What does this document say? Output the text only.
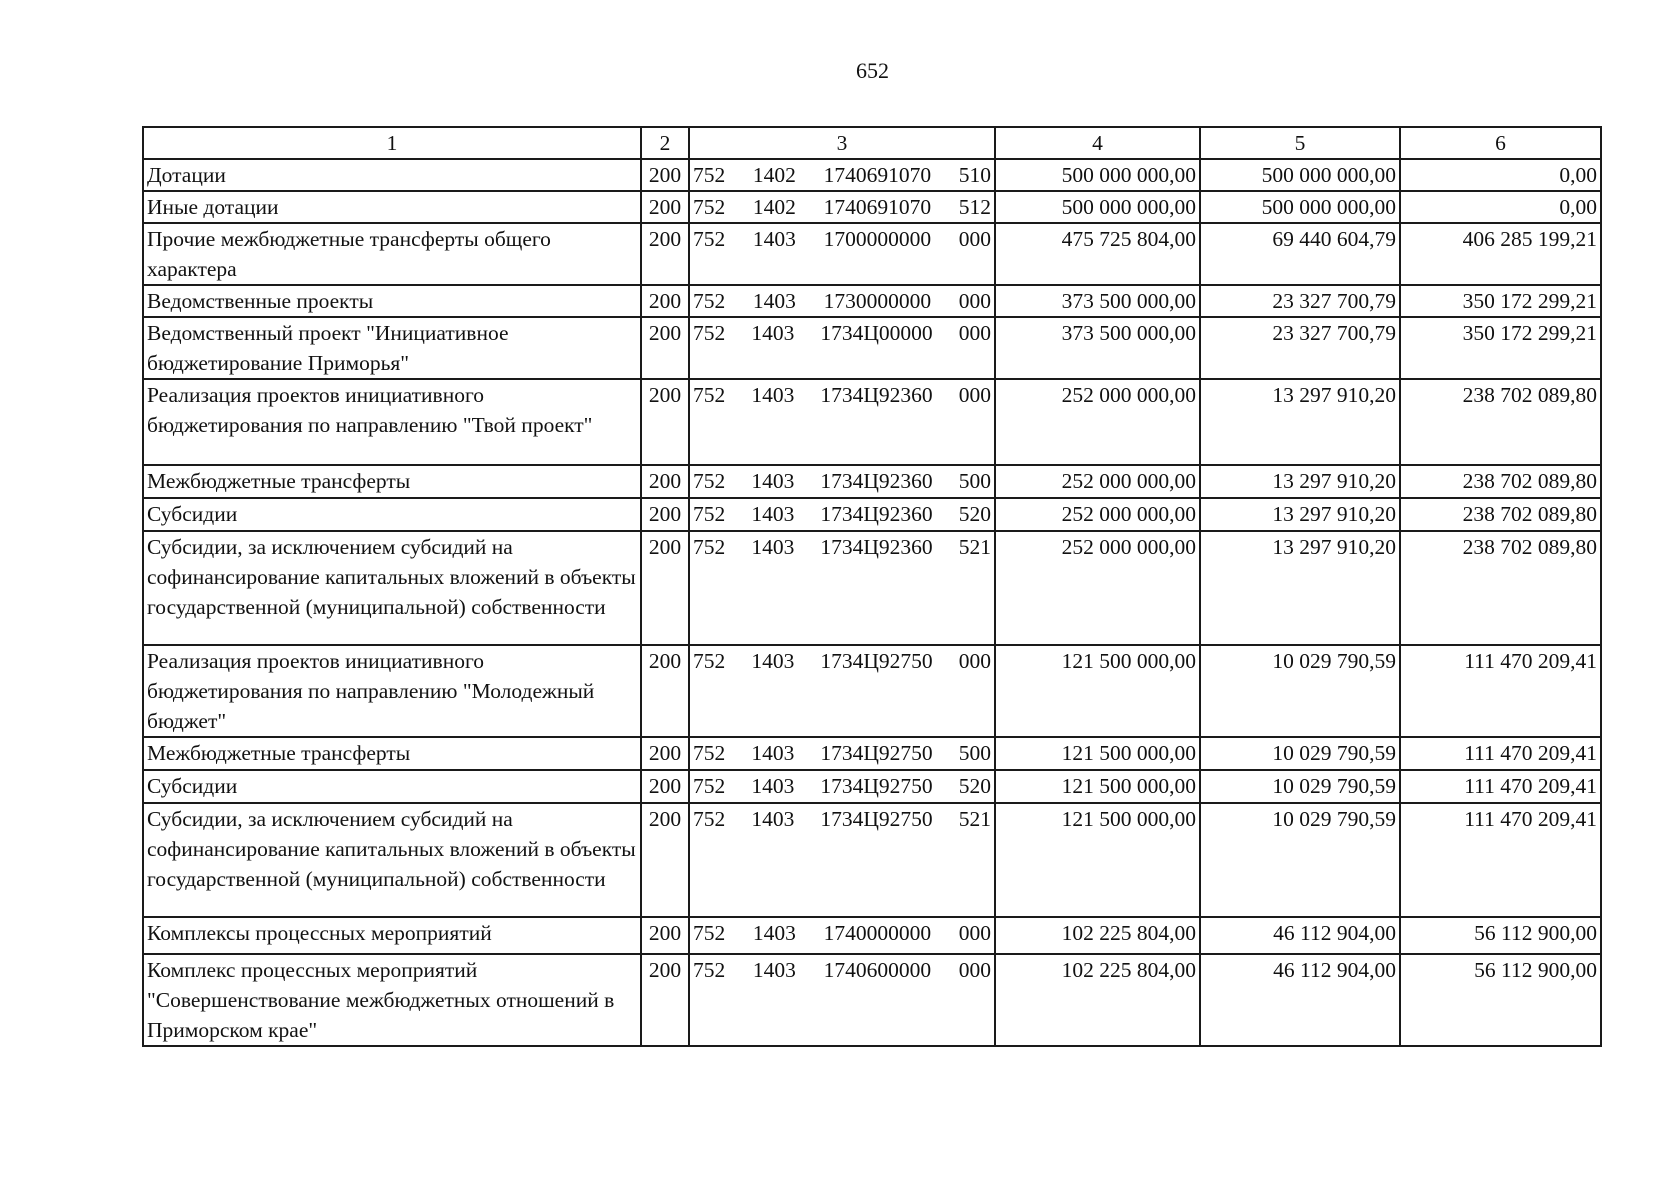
652
1	2	3	4	5	6
Дотации	200	752 1402 1740691070 510	500 000 000,00	500 000 000,00	0,00
Иные дотации	200	752 1402 1740691070 512	500 000 000,00	500 000 000,00	0,00
Прочие межбюджетные трансферты общего характера	200	752 1403 1700000000 000	475 725 804,00	69 440 604,79	406 285 199,21
Ведомственные проекты	200	752 1403 1730000000 000	373 500 000,00	23 327 700,79	350 172 299,21
Ведомственный проект "Инициативное бюджетирование Приморья"	200	752 1403 1734Ц00000 000	373 500 000,00	23 327 700,79	350 172 299,21
Реализация проектов инициативного бюджетирования по направлению "Твой проект"	200	752 1403 1734Ц92360 000	252 000 000,00	13 297 910,20	238 702 089,80
Межбюджетные трансферты	200	752 1403 1734Ц92360 500	252 000 000,00	13 297 910,20	238 702 089,80
Субсидии	200	752 1403 1734Ц92360 520	252 000 000,00	13 297 910,20	238 702 089,80
Субсидии, за исключением субсидий на софинансирование капитальных вложений в объекты государственной (муниципальной) собственности	200	752 1403 1734Ц92360 521	252 000 000,00	13 297 910,20	238 702 089,80
Реализация проектов инициативного бюджетирования по направлению "Молодежный бюджет"	200	752 1403 1734Ц92750 000	121 500 000,00	10 029 790,59	111 470 209,41
Межбюджетные трансферты	200	752 1403 1734Ц92750 500	121 500 000,00	10 029 790,59	111 470 209,41
Субсидии	200	752 1403 1734Ц92750 520	121 500 000,00	10 029 790,59	111 470 209,41
Субсидии, за исключением субсидий на софинансирование капитальных вложений в объекты государственной (муниципальной) собственности	200	752 1403 1734Ц92750 521	121 500 000,00	10 029 790,59	111 470 209,41
Комплексы процессных мероприятий	200	752 1403 1740000000 000	102 225 804,00	46 112 904,00	56 112 900,00
Комплекс процессных мероприятий "Совершенствование межбюджетных отношений в Приморском крае"	200	752 1403 1740600000 000	102 225 804,00	46 112 904,00	56 112 900,00
